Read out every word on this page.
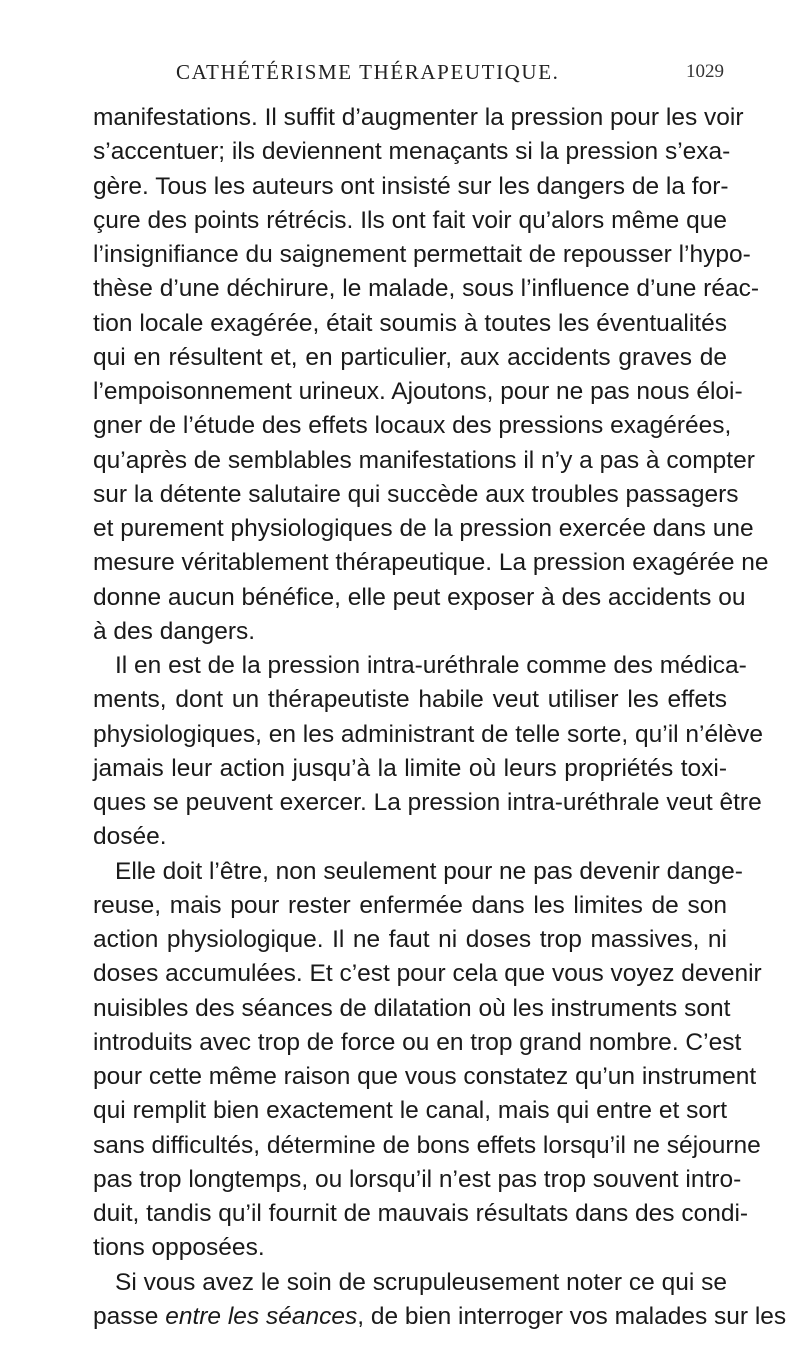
CATHÉTÉRISME THÉRAPEUTIQUE.	1029
manifestations. Il suffit d’augmenter la pression pour les voir
s’accentuer; ils deviennent menaçants si la pression s’exa-
gère. Tous les auteurs ont insisté sur les dangers de la for-
çure des points rétrécis. Ils ont fait voir qu’alors même que
l’insignifiance du saignement permettait de repousser l’hypo-
thèse d’une déchirure, le malade, sous l’influence d’une réac-
tion locale exagérée, était soumis à toutes les éventualités
qui en résultent et, en particulier, aux accidents graves de
l’empoisonnement urineux. Ajoutons, pour ne pas nous éloi-
gner de l’étude des effets locaux des pressions exagérées,
qu’après de semblables manifestations il n’y a pas à compter
sur la détente salutaire qui succède aux troubles passagers
et purement physiologiques de la pression exercée dans une
mesure véritablement thérapeutique. La pression exagérée ne
donne aucun bénéfice, elle peut exposer à des accidents ou
à des dangers.
Il en est de la pression intra-uréthrale comme des médica-
ments, dont un thérapeutiste habile veut utiliser les effets
physiologiques, en les administrant de telle sorte, qu’il n’élève
jamais leur action jusqu’à la limite où leurs propriétés toxi-
ques se peuvent exercer. La pression intra-uréthrale veut être
dosée.
Elle doit l’être, non seulement pour ne pas devenir dange-
reuse, mais pour rester enfermée dans les limites de son
action physiologique. Il ne faut ni doses trop massives, ni
doses accumulées. Et c’est pour cela que vous voyez devenir
nuisibles des séances de dilatation où les instruments sont
introduits avec trop de force ou en trop grand nombre. C’est
pour cette même raison que vous constatez qu’un instrument
qui remplit bien exactement le canal, mais qui entre et sort
sans difficultés, détermine de bons effets lorsqu’il ne séjourne
pas trop longtemps, ou lorsqu’il n’est pas trop souvent intro-
duit, tandis qu’il fournit de mauvais résultats dans des condi-
tions opposées.
Si vous avez le soin de scrupuleusement noter ce qui se
passe entre les séances, de bien interroger vos malades sur les
